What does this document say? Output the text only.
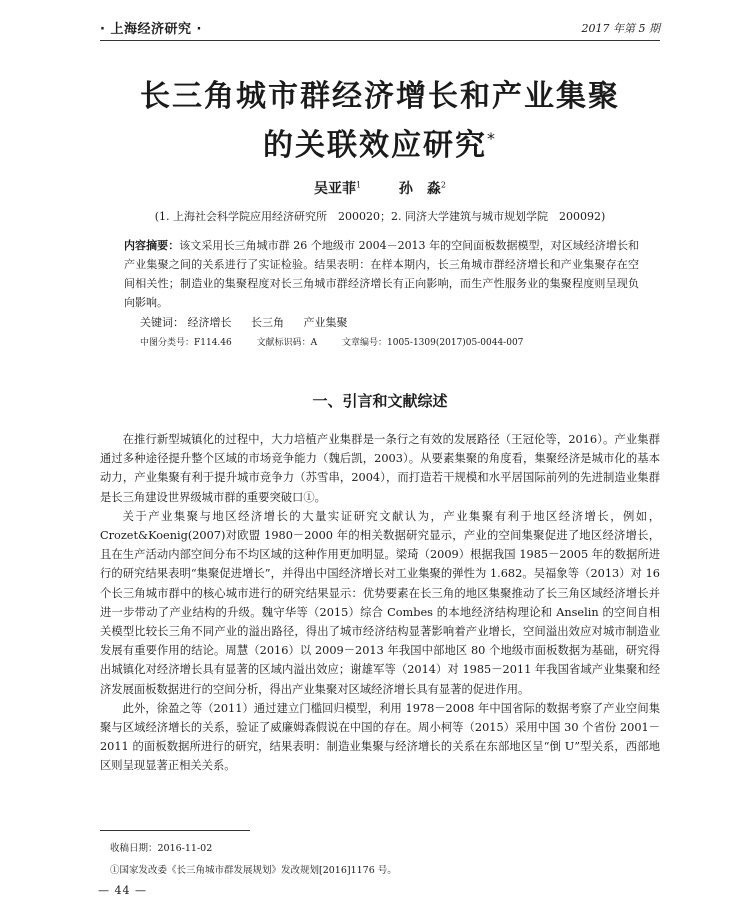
· 上海经济研究 ·	2017 年第 5 期
长三角城市群经济增长和产业集聚
的关联效应研究*
吴亚菲$^1$	孙　淼$^2$
(1. 上海社会科学院应用经济研究所　200020；2. 同济大学建筑与城市规划学院　200092)
内容摘要：该文采用长三角城市群 26 个地级市 2004－2013 年的空间面板数据模型，对区域经济增长和产业集聚之间的关系进行了实证检验。结果表明：在样本期内，长三角城市群经济增长和产业集聚存在空间相关性；制造业的集聚程度对长三角城市群经济增长有正向影响，而生产性服务业的集聚程度则呈现负向影响。
关键词： 经济增长 长三角 产业集聚
中图分类号：F114.46	文献标识码：A	文章编号：1005-1309(2017)05-0044-007
一、引言和文献综述

在推行新型城镇化的过程中，大力培植产业集群是一条行之有效的发展路径（王冠伦等，2016）。产业集群通过多种途径提升整个区域的市场竞争能力（魏后凯，2003）。从要素集聚的角度看，集聚经济是城市化的基本动力，产业集聚有利于提升城市竞争力（苏雪串，2004），而打造若干规模和水平居国际前列的先进制造业集群是长三角建设世界级城市群的重要突破口①。

关于产业集聚与地区经济增长的大量实证研究文献认为，产业集聚有利于地区经济增长，例如，Crozet&Koenig(2007)对欧盟 1980－2000 年的相关数据研究显示，产业的空间集聚促进了地区经济增长，且在生产活动内部空间分布不均区域的这种作用更加明显。梁琦（2009）根据我国 1985－2005 年的数据所进行的研究结果表明“集聚促进增长”，并得出中国经济增长对工业集聚的弹性为 1.682。吴福象等（2013）对 16 个长三角城市群中的核心城市进行的研究结果显示：优势要素在长三角的地区集聚推动了长三角区域经济增长并进一步带动了产业结构的升级。魏守华等（2015）综合 Combes 的本地经济结构理论和 Anselin 的空间自相关模型比较长三角不同产业的溢出路径，得出了城市经济结构显著影响着产业增长，空间溢出效应对城市制造业发展有重要作用的结论。周慧（2016）以 2009－2013 年我国中部地区 80 个地级市面板数据为基础，研究得出城镇化对经济增长具有显著的区域内溢出效应；谢雄军等（2014）对 1985－2011 年我国省域产业集聚和经济发展面板数据进行的空间分析，得出产业集聚对区域经济增长具有显著的促进作用。

此外，徐盈之等（2011）通过建立门槛回归模型，利用 1978－2008 年中国省际的数据考察了产业空间集聚与区域经济增长的关系，验证了威廉姆森假说在中国的存在。周小柯等（2015）采用中国 30 个省份 2001－2011 的面板数据所进行的研究，结果表明：制造业集聚与经济增长的关系在东部地区呈“倒 U”型关系，西部地区则呈现显著正相关关系。

收稿日期：2016-11-02
①国家发改委《长三角城市群发展规划》发改规划[2016]1176 号。
— 44 —
